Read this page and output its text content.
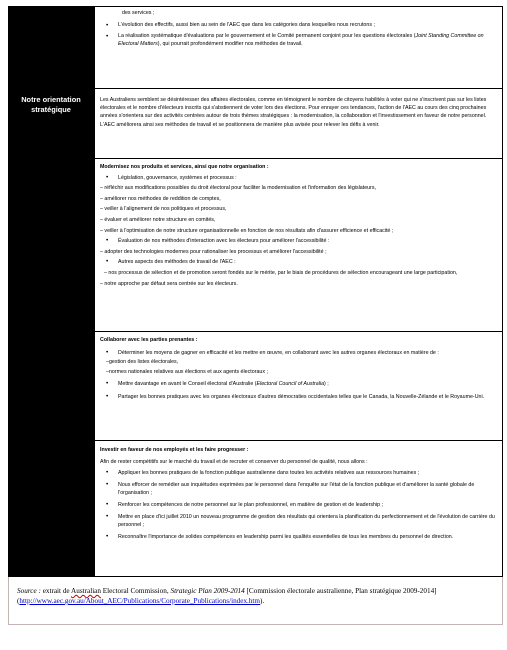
des services ;

• L'évolution des effectifs, aussi bien au sein de l'AEC que dans les catégories dans lesquelles nous recrutons ;

• La réalisation systématique d'évaluations par le gouvernement et le Comité permanent conjoint pour les questions électorales (Joint Standing Committee on Electoral Matters), qui pourrait profondément modifier nos méthodes de travail.

Notre orientation stratégique

Les Australiens semblent se désintéresser des affaires électorales, comme en témoignent le nombre de citoyens habilités à voter qui ne s'inscrivent pas sur les listes électorales et le nombre d'électeurs inscrits qui s'abstiennent de voter lors des élections. Pour enrayer ces tendances, l'action de l'AEC au cours des cinq prochaines années s'orientera sur des activités centrées autour de trois thèmes stratégiques : la modernisation, la collaboration et l'investissement en faveur de notre personnel. L'AEC améliorera ainsi ses méthodes de travail et se positionnera de manière plus avisée pour relever les défis à venir.

Modernisez nos produits et services, ainsi que notre organisation :

• Législation, gouvernance, systèmes et processus :

– réfléchir aux modifications possibles du droit électoral pour faciliter la modernisation et l'information des législateurs,

– améliorer nos méthodes de reddition de comptes,

– veiller à l'alignement de nos politiques et processus,

– évaluer et améliorer notre structure en comités,

– veiller à l'optimisation de notre structure organisationnelle en fonction de nos résultats afin d'assurer efficience et efficacité ;

• Évaluation de nos méthodes d'interaction avec les électeurs pour améliorer l'accessibilité :

– adopter des technologies modernes pour rationaliser les processus et améliorer l'accessibilité ;

• Autres aspects des méthodes de travail de l'AEC :

– nos processus de sélection et de promotion seront fondés sur le mérite, par le biais de procédures de sélection encourageant une large participation,

– notre approche par défaut sera centrée sur les électeurs.

Collaborer avec les parties prenantes :

• Déterminer les moyens de gagner en efficacité et les mettre en œuvre, en collaborant avec les autres organes électoraux en matière de :

–gestion des listes électorales,

–normes nationales relatives aux élections et aux agents électoraux ;

• Mettre davantage en avant le Conseil électoral d'Australie (Electoral Council of Australia) ;

• Partager les bonnes pratiques avec les organes électoraux d'autres démocraties occidentales telles que le Canada, la Nouvelle-Zélande et le Royaume-Uni.

Investir en faveur de nos employés et les faire progresser :

Afin de rester compétitifs sur le marché du travail et de recruter et conserver du personnel de qualité, nous allons :

• Appliquer les bonnes pratiques de la fonction publique australienne dans toutes les activités relatives aux ressources humaines ;

• Nous efforcer de remédier aux inquiétudes exprimées par le personnel dans l'enquête sur l'état de la fonction publique et d'améliorer la santé globale de l'organisation ;

• Renforcer les compétences de notre personnel sur le plan professionnel, en matière de gestion et de leadership ;

• Mettre en place d'ici juillet 2010 un nouveau programme de gestion des résultats qui orientera la planification du perfectionnement et de l'évolution de carrière du personnel ;

• Reconnaître l'importance de solides compétences en leadership parmi les qualités essentielles de tous les membres du personnel de direction.

Source : extrait de Australian Electoral Commission, Strategic Plan 2009-2014 [Commission électorale australienne, Plan stratégique 2009-2014] (http://www.aec.gov.au/About_AEC/Publications/Corporate_Publications/index.htm).
